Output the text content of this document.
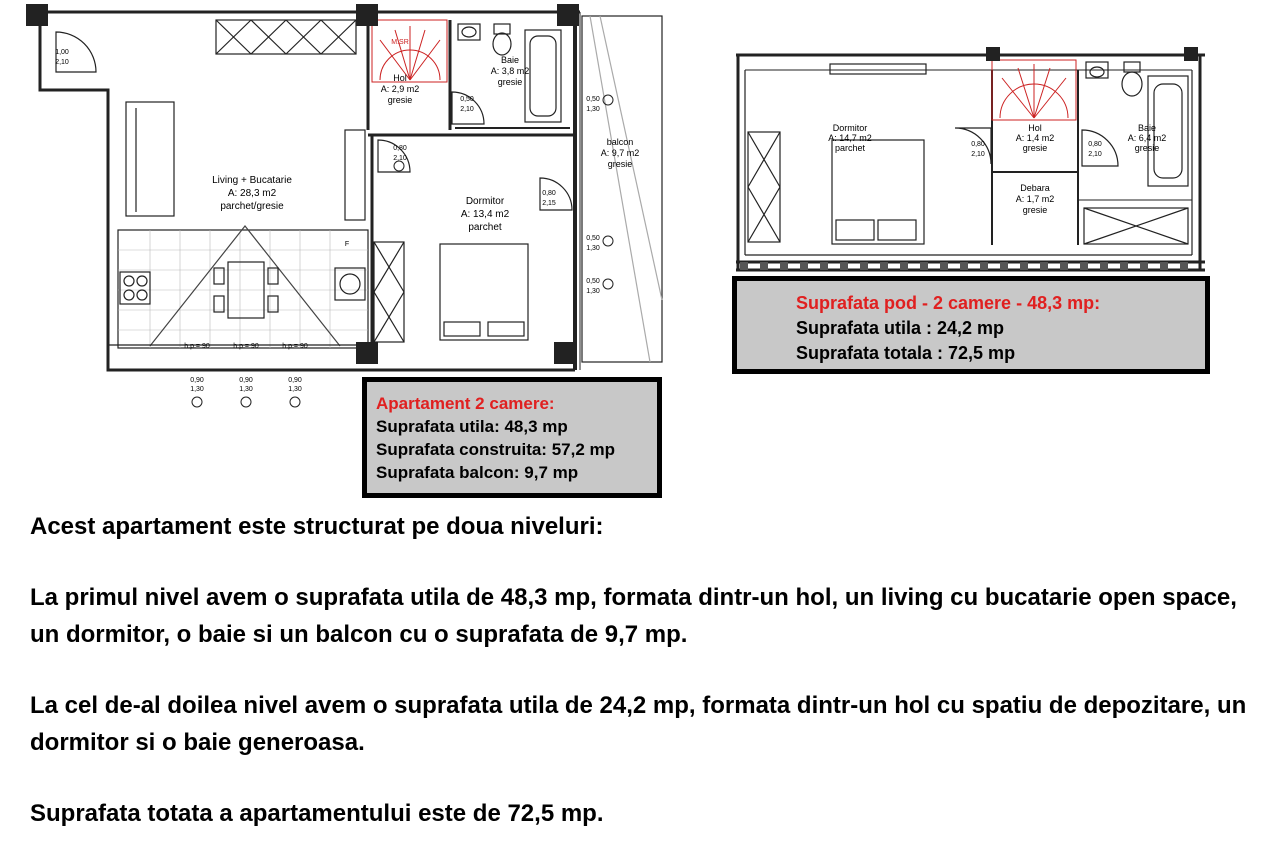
M.SR
Hol
A: 2,9 m2
gresie
Baie
A: 3,8 m2
gresie
balcon
A: 9,7 m2
gresie
Living + Bucatarie
A: 28,3 m2
parchet/gresie	Dormitor
A: 13,4 m2
parchet
1,00
2,10
0,50
2,10
0,80
2,10
0,80
2,15
0,50
1,30
0,50
1,30
0,50
1,30
h.p.= 90	h.p.= 90	h.p.= 90
0,90
1,30
0,90
1,30
0,90
1,30
F
Dormitor
A: 14,7 m2
parchet
Hol
A: 1,4 m2
gresie
Baie
A: 6,4 m2
gresie
Debara
A: 1,7 m2
gresie
0,80
2,10
0,80
2,10
Apartament 2 camere:
Suprafata utila: 48,3 mp
Suprafata construita: 57,2 mp
Suprafata balcon: 9,7 mp
Suprafata pod - 2 camere - 48,3 mp:
Suprafata utila : 24,2 mp
Suprafata totala : 72,5 mp

Acest apartament este structurat pe doua niveluri:

La primul nivel avem o suprafata utila de 48,3 mp, formata dintr-un hol, un living cu bucatarie open space, un dormitor, o baie si un balcon cu o suprafata de 9,7 mp.

La cel de-al doilea nivel avem o suprafata utila de 24,2 mp, formata dintr-un hol cu spatiu de depozitare, un dormitor si o baie generoasa.

Suprafata totata a apartamentului este de 72,5 mp.
